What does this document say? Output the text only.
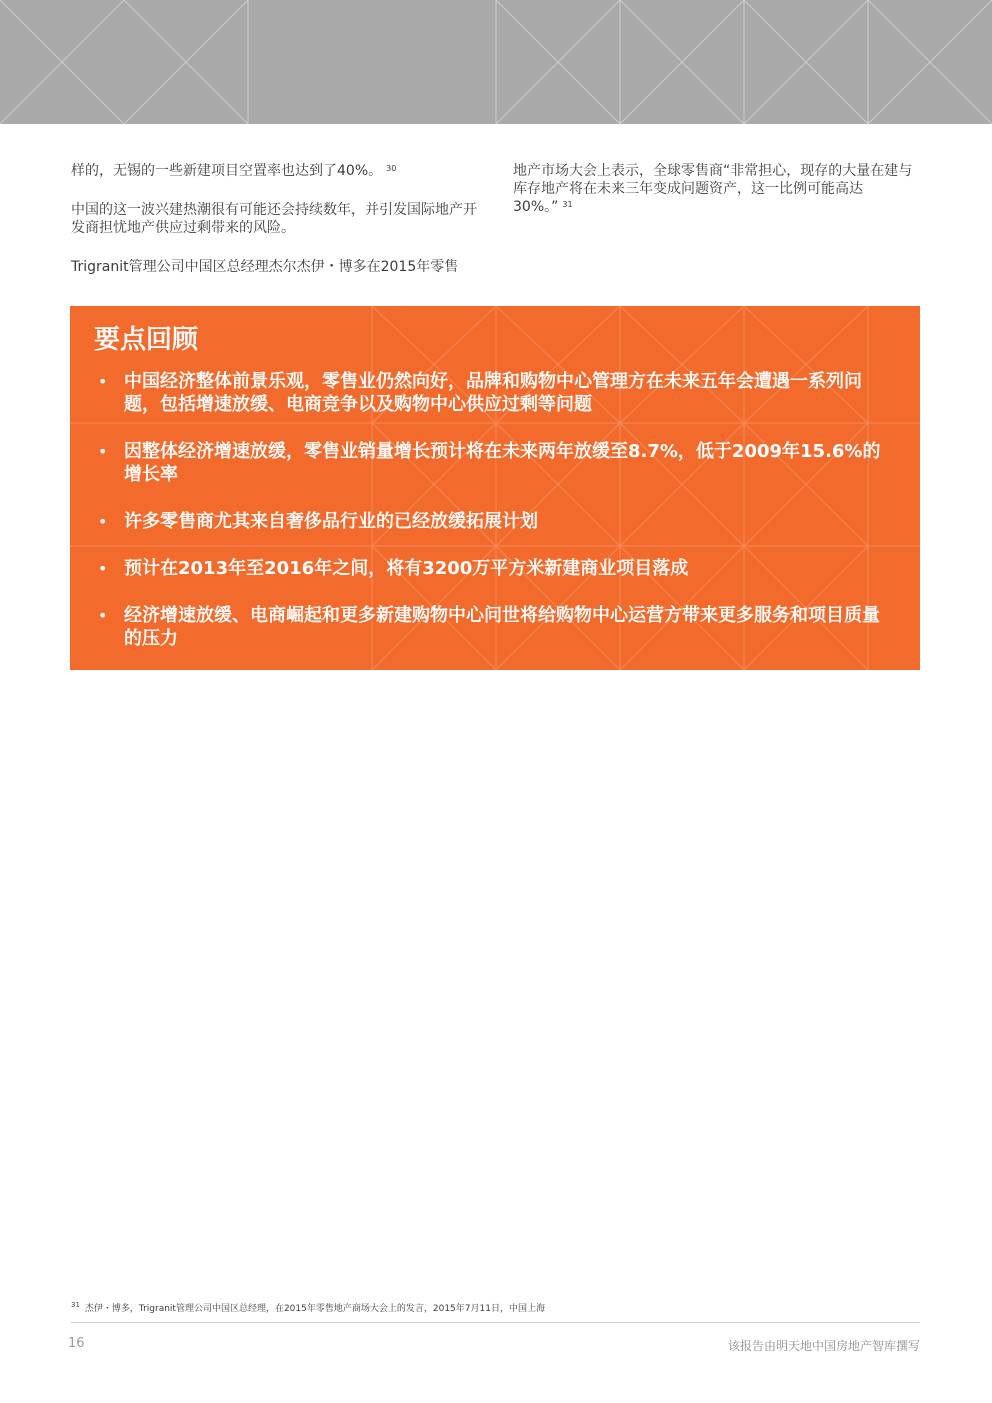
样的，无锡的一些新建项目空置率也达到了40%。 $^{30}$

中国的这一波兴建热潮很有可能还会持续数年，并引发国际地产开发商担忧地产供应过剩带来的风险。

Trigranit管理公司中国区总经理杰尔杰伊・博多在2015年零售

地产市场大会上表示，全球零售商“非常担心，现存的大量在建与库存地产将在未来三年变成问题资产，这一比例可能高达30%。” $^{31}$

要点回顾
• 中国经济整体前景乐观，零售业仍然向好，品牌和购物中心管理方在未来五年会遭遇一系列问题，包括增速放缓、电商竞争以及购物中心供应过剩等问题
• 因整体经济增速放缓，零售业销量增长预计将在未来两年放缓至8.7%，低于2009年15.6%的增长率
• 许多零售商尤其来自奢侈品行业的已经放缓拓展计划
• 预计在2013年至2016年之间，将有3200万平方米新建商业项目落成
• 经济增速放缓、电商崛起和更多新建购物中心问世将给购物中心运营方带来更多服务和项目质量的压力
$^{31}$ 杰伊・博多，Trigranit管理公司中国区总经理，在2015年零售地产商场大会上的发言，2015年7月11日，中国上海
16	该报告由明天地中国房地产智库撰写
